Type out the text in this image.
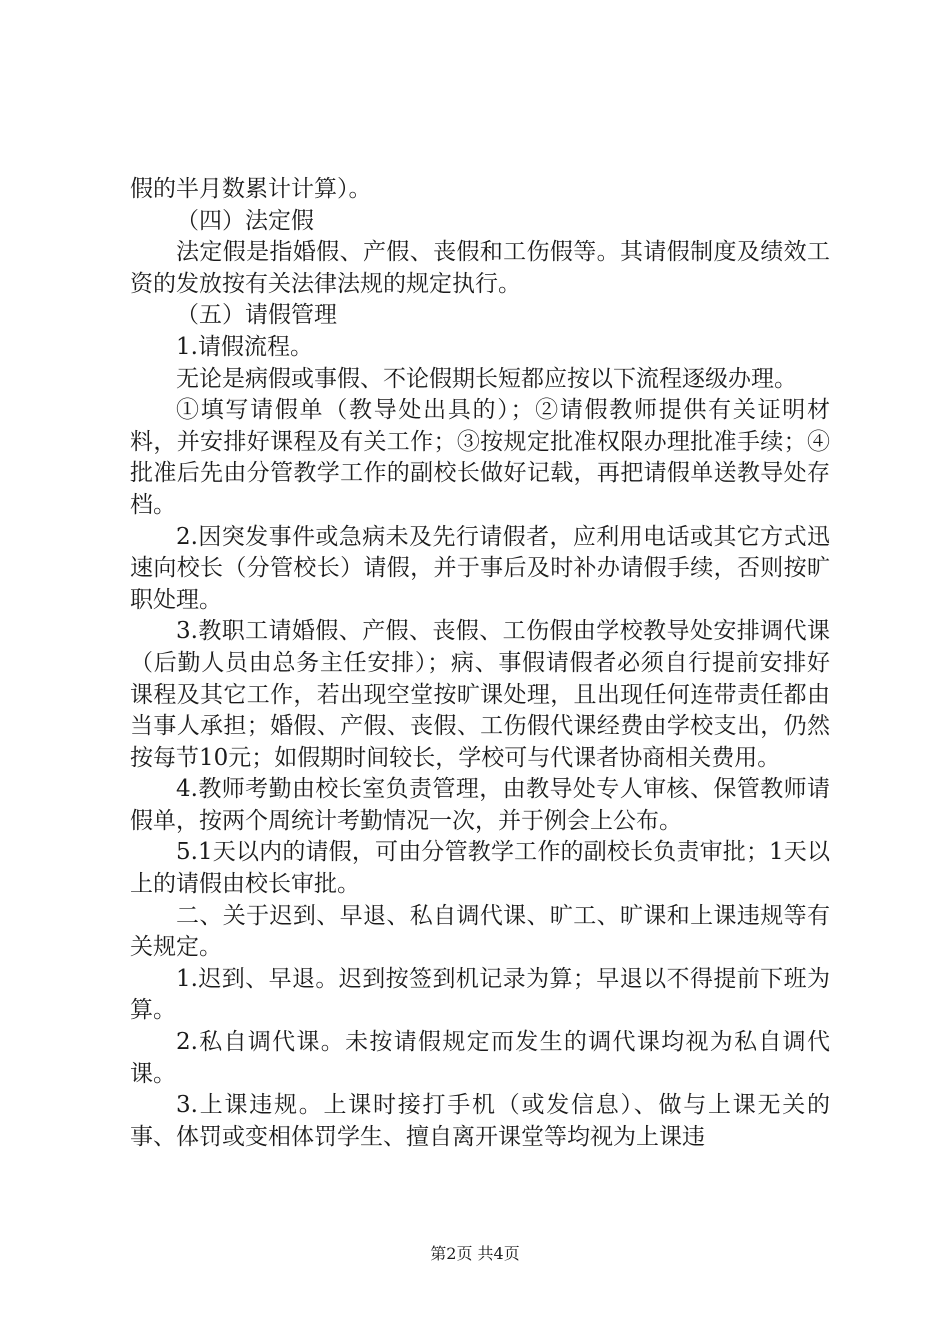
假的半月数累计计算）。

（四）法定假

法定假是指婚假、产假、丧假和工伤假等。其请假制度及绩效工资的发放按有关法律法规的规定执行。

（五）请假管理

1.请假流程。

无论是病假或事假、不论假期长短都应按以下流程逐级办理。

①填写请假单（教导处出具的）；②请假教师提供有关证明材料，并安排好课程及有关工作；③按规定批准权限办理批准手续；④批准后先由分管教学工作的副校长做好记载，再把请假单送教导处存档。

2.因突发事件或急病未及先行请假者，应利用电话或其它方式迅速向校长（分管校长）请假，并于事后及时补办请假手续，否则按旷职处理。

3.教职工请婚假、产假、丧假、工伤假由学校教导处安排调代课（后勤人员由总务主任安排）；病、事假请假者必须自行提前安排好课程及其它工作，若出现空堂按旷课处理，且出现任何连带责任都由当事人承担；婚假、产假、丧假、工伤假代课经费由学校支出，仍然按每节10元；如假期时间较长，学校可与代课者协商相关费用。

4.教师考勤由校长室负责管理，由教导处专人审核、保管教师请假单，按两个周统计考勤情况一次，并于例会上公布。

5.1天以内的请假，可由分管教学工作的副校长负责审批；1天以上的请假由校长审批。

二、关于迟到、早退、私自调代课、旷工、旷课和上课违规等有关规定。

1.迟到、早退。迟到按签到机记录为算；早退以不得提前下班为算。

2.私自调代课。未按请假规定而发生的调代课均视为私自调代课。

3.上课违规。上课时接打手机（或发信息）、做与上课无关的事、体罚或变相体罚学生、擅自离开课堂等均视为上课违

第2页 共4页
